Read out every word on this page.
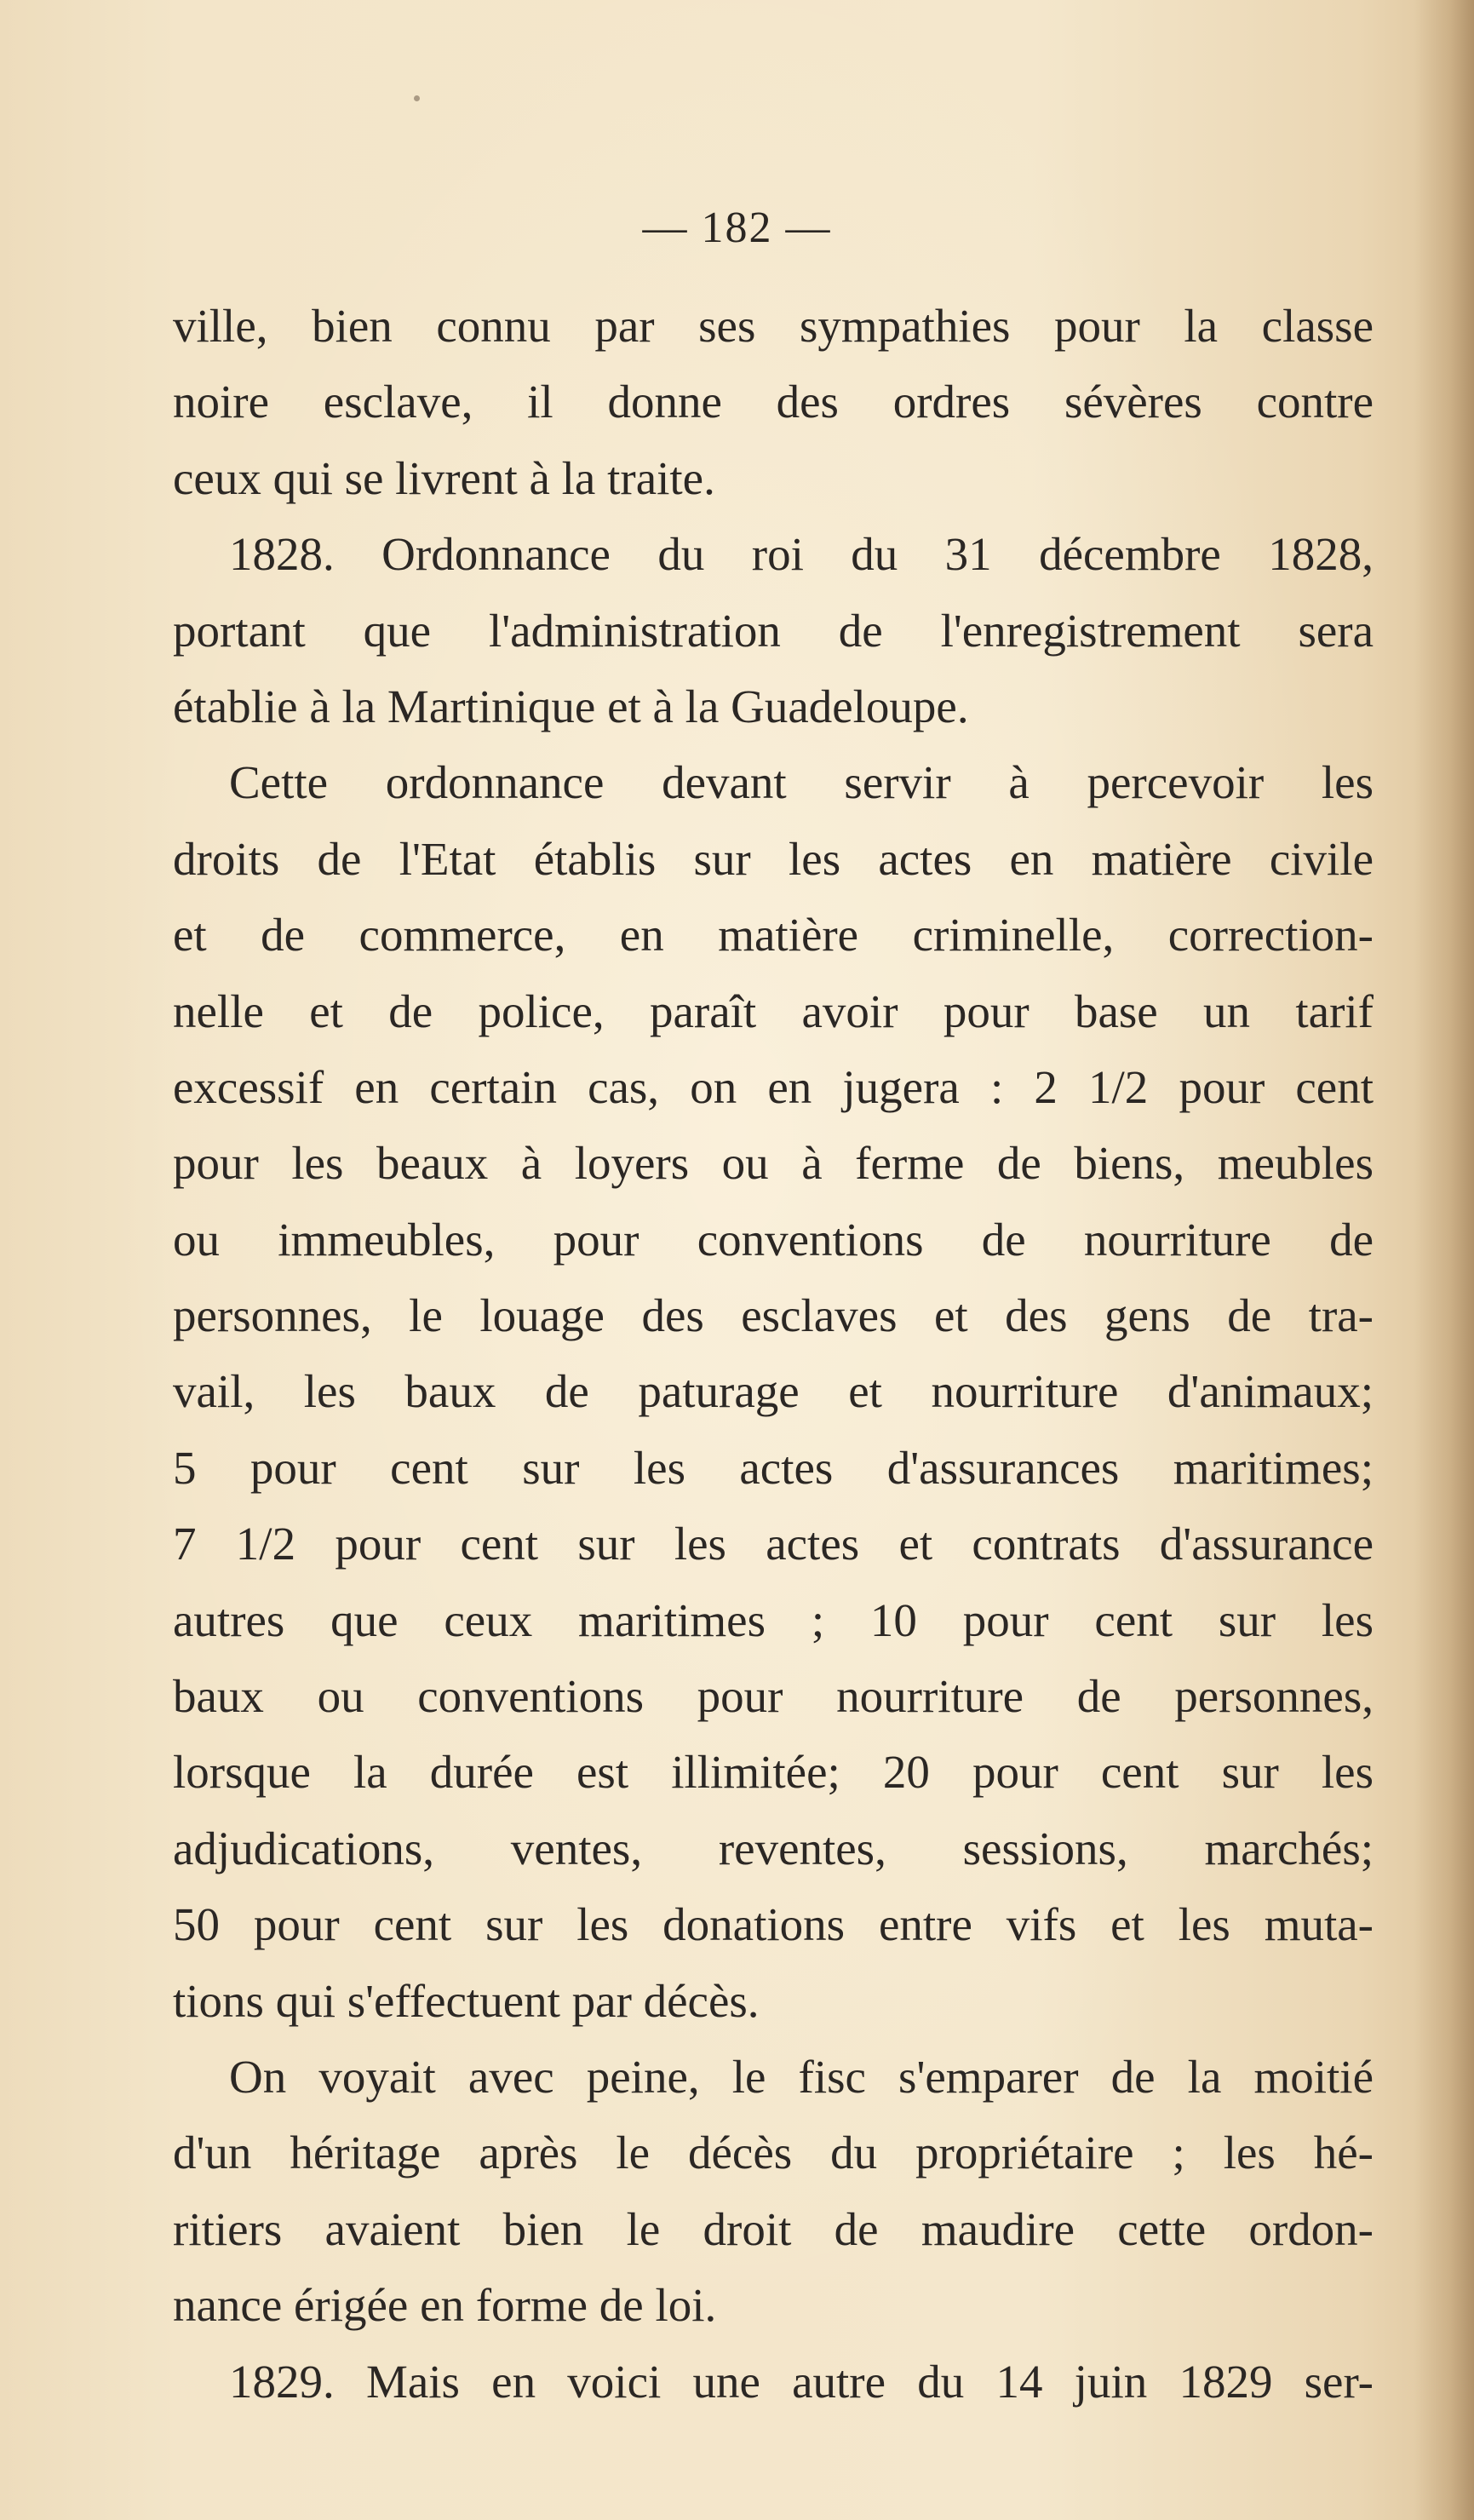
— 182 —
ville, bien connu par ses sympathies pour la classe
noire esclave, il donne des ordres sévères contre
ceux qui se livrent à la traite.
1828. Ordonnance du roi du 31 décembre 1828,
portant que l'administration de l'enregistrement sera
établie à la Martinique et à la Guadeloupe.
Cette ordonnance devant servir à percevoir les
droits de l'Etat établis sur les actes en matière civile
et de commerce, en matière criminelle, correction-
nelle et de police, paraît avoir pour base un tarif
excessif en certain cas, on en jugera : 2 1/2 pour cent
pour les beaux à loyers ou à ferme de biens, meubles
ou immeubles, pour conventions de nourriture de
personnes, le louage des esclaves et des gens de tra-
vail, les baux de paturage et nourriture d'animaux;
5 pour cent sur les actes d'assurances maritimes;
7 1/2 pour cent sur les actes et contrats d'assurance
autres que ceux maritimes ; 10 pour cent sur les
baux ou conventions pour nourriture de personnes,
lorsque la durée est illimitée; 20 pour cent sur les
adjudications, ventes, reventes, sessions, marchés;
50 pour cent sur les donations entre vifs et les muta-
tions qui s'effectuent par décès.
On voyait avec peine, le fisc s'emparer de la moitié
d'un héritage après le décès du propriétaire ; les hé-
ritiers avaient bien le droit de maudire cette ordon-
nance érigée en forme de loi.
1829. Mais en voici une autre du 14 juin 1829 ser-
